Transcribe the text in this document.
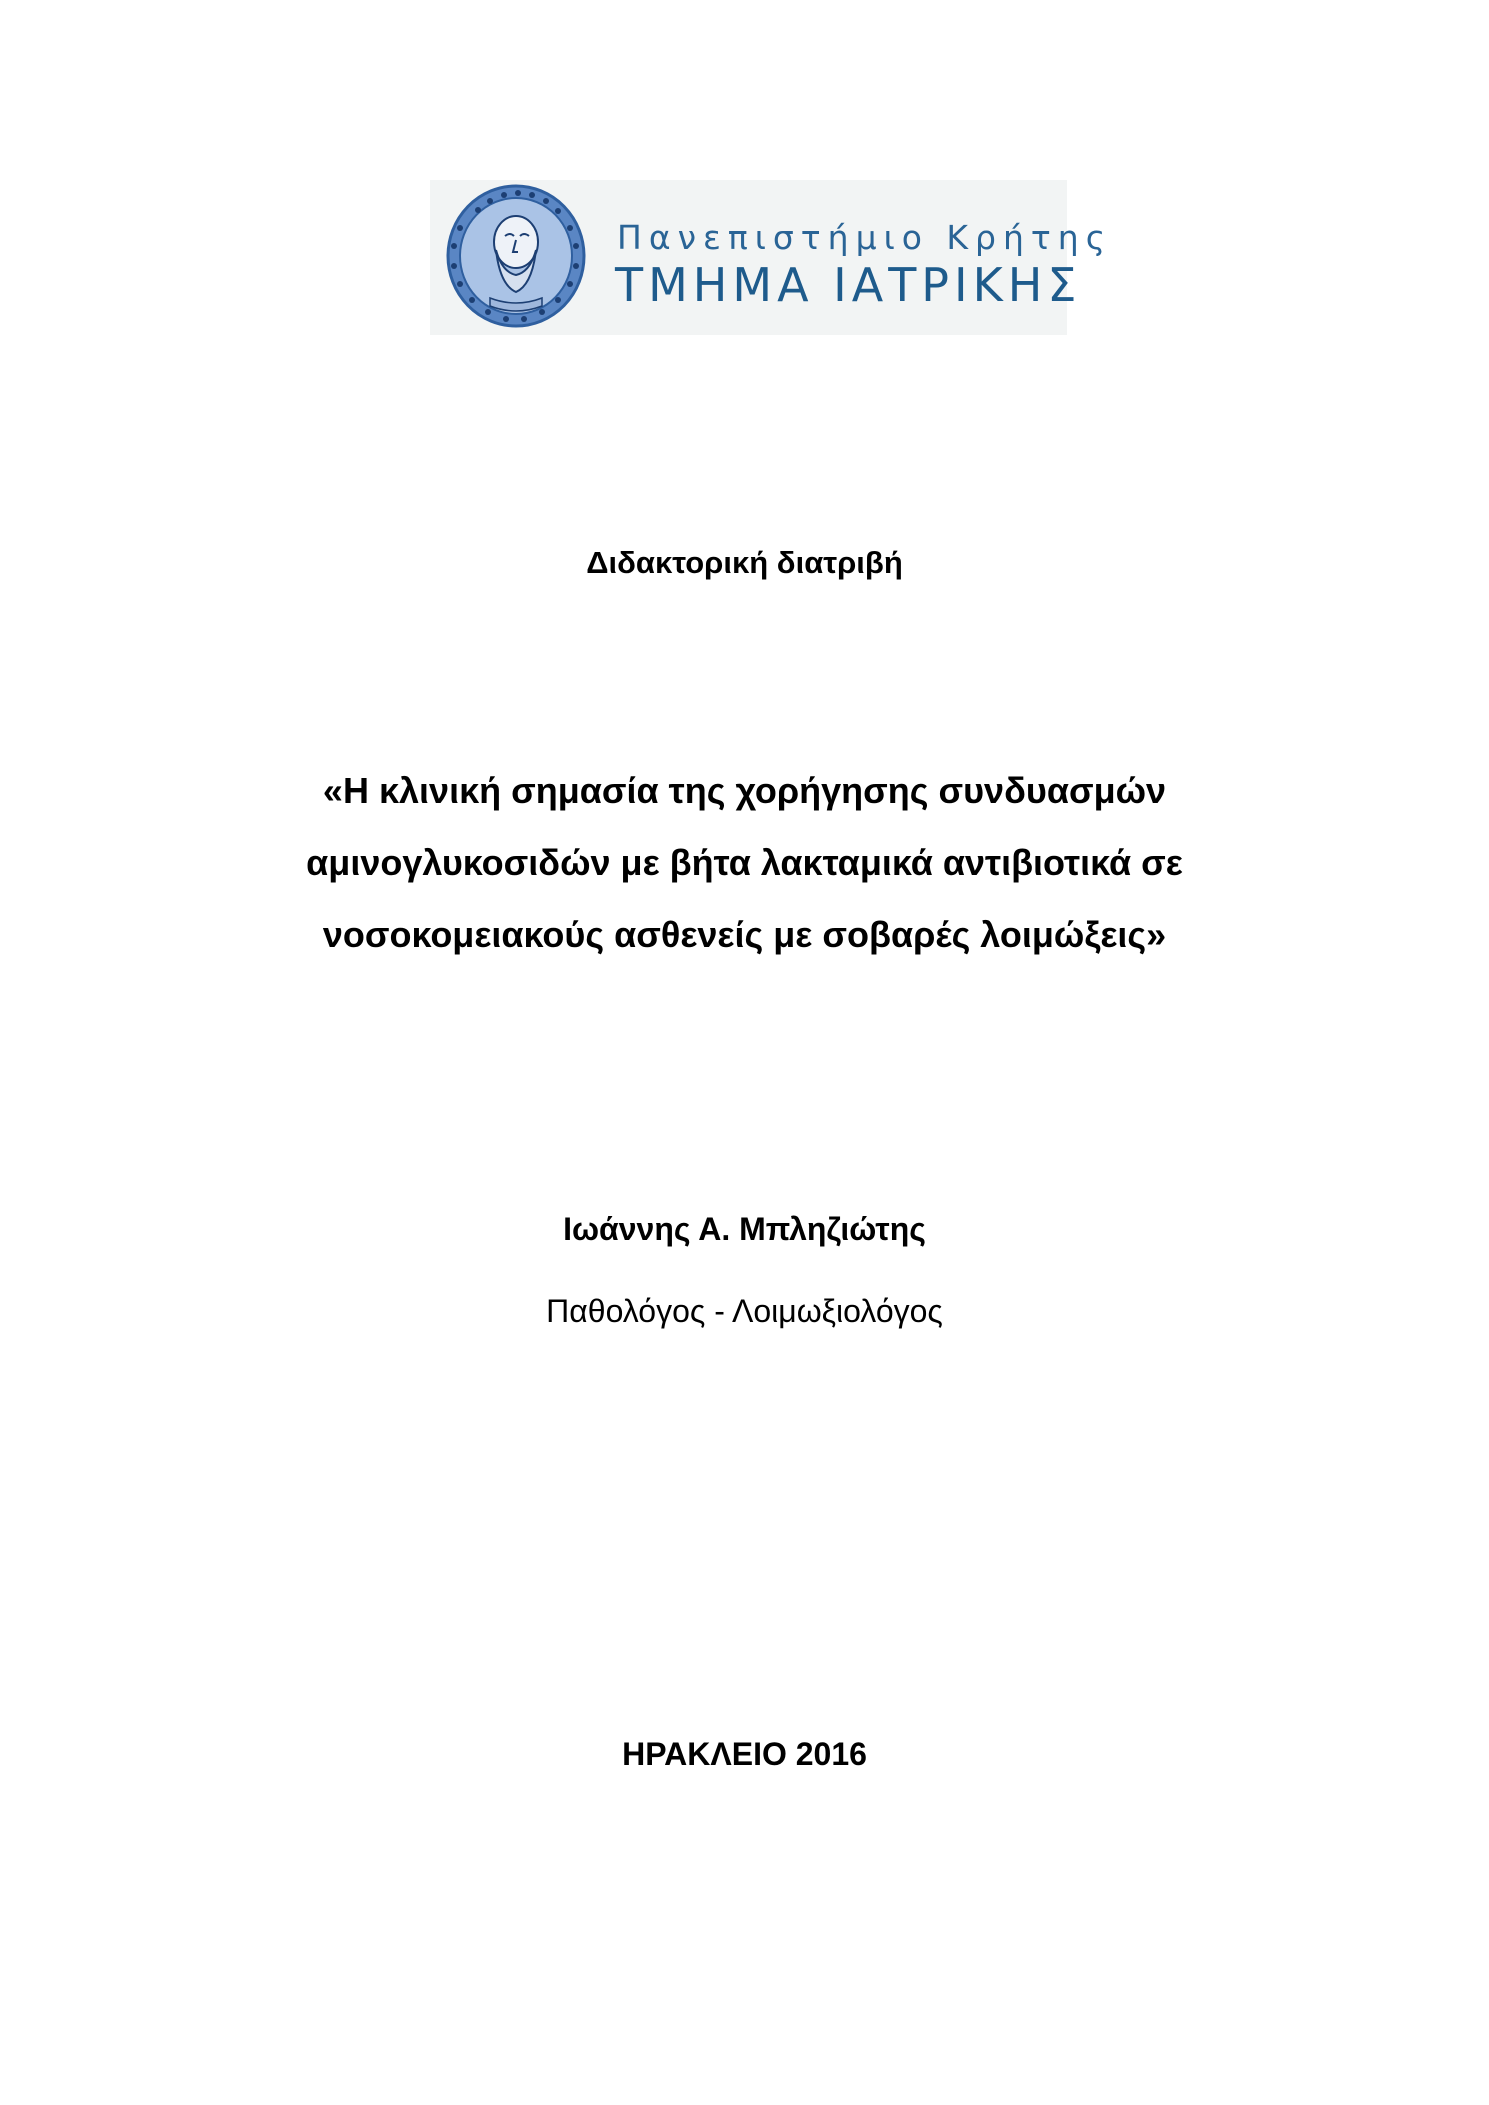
Πανεπιστήμιο Κρήτης
ΤΜΗΜΑ ΙΑΤΡΙΚΗΣ
Διδακτορική διατριβή
«Η κλινική σημασία της χορήγησης συνδυασμών
αμινογλυκοσιδών με βήτα λακταμικά αντιβιοτικά σε
νοσοκομειακούς ασθενείς με σοβαρές λοιμώξεις»
Ιωάννης Α. Μπληζιώτης
Παθολόγος - Λοιμωξιολόγος
ΗΡΑΚΛΕΙΟ 2016
